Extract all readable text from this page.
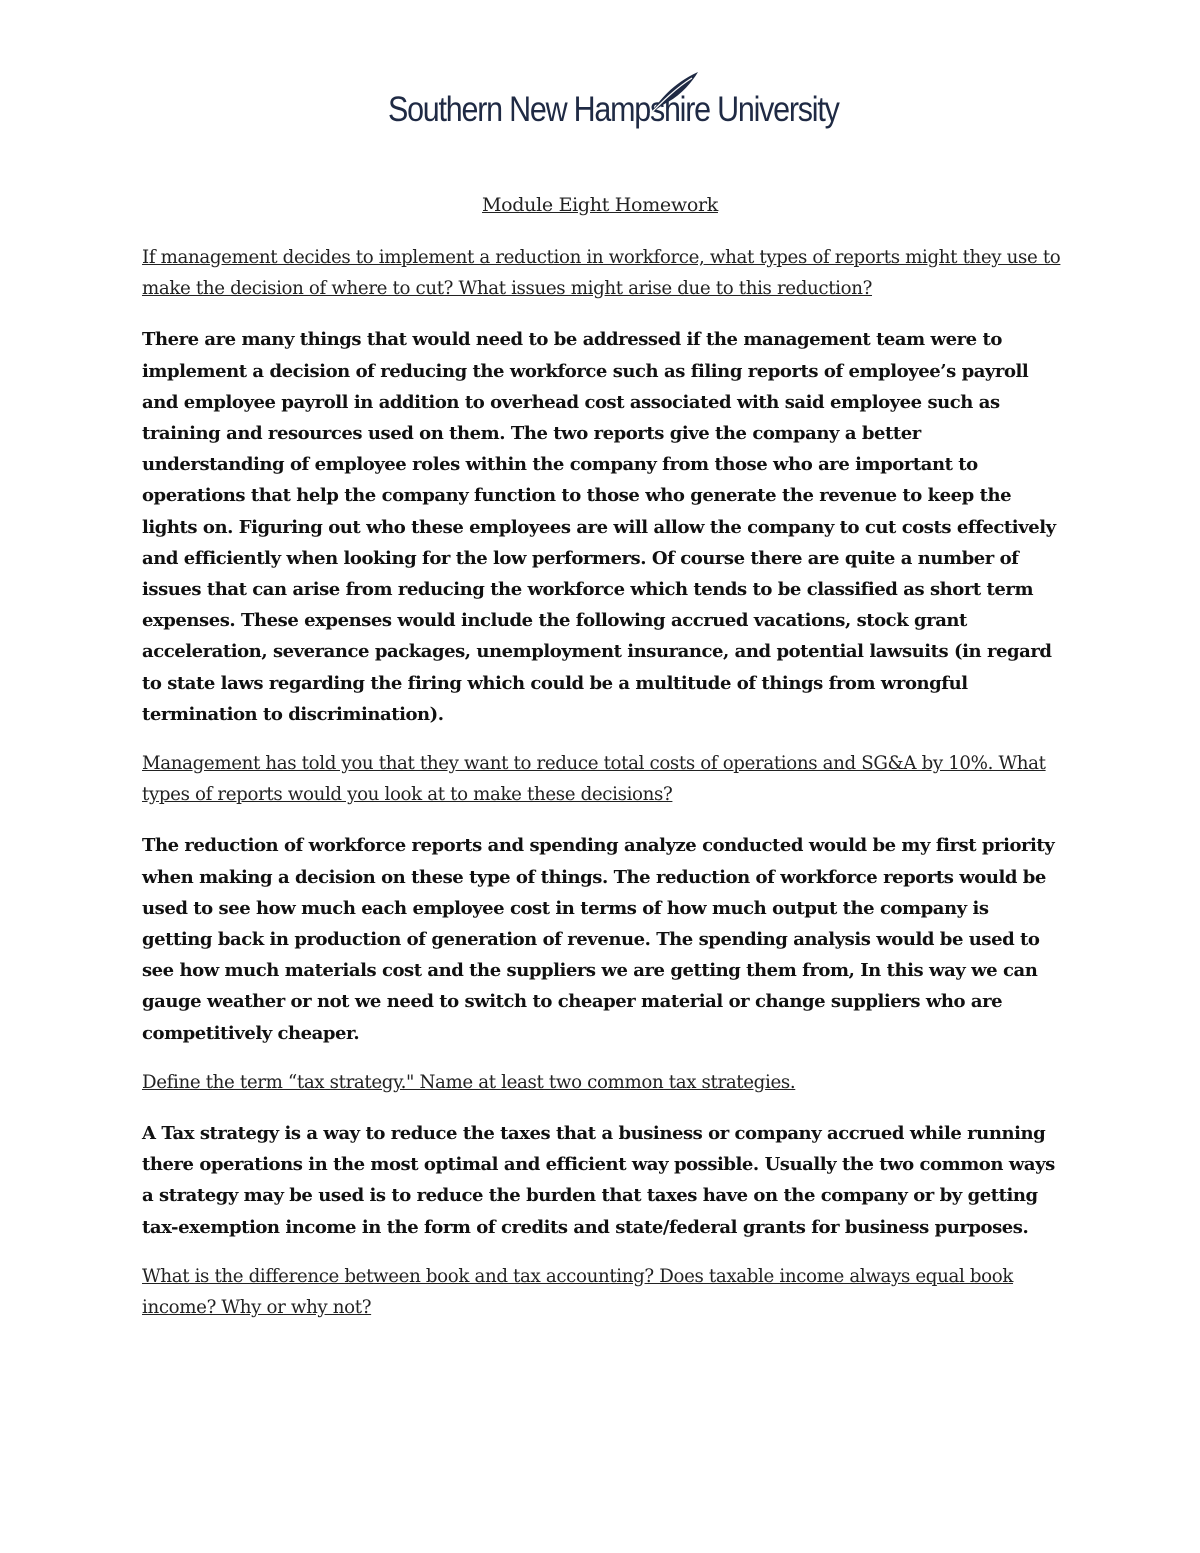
Southern New Hampshire University
Module Eight Homework

If management decides to implement a reduction in workforce, what types of reports might they use to make the decision of where to cut? What issues might arise due to this reduction?

There are many things that would need to be addressed if the management team were to implement a decision of reducing the workforce such as filing reports of employee’s payroll and employee payroll in addition to overhead cost associated with said employee such as training and resources used on them. The two reports give the company a better understanding of employee roles within the company from those who are important to operations that help the company function to those who generate the revenue to keep the lights on. Figuring out who these employees are will allow the company to cut costs effectively and efficiently when looking for the low performers. Of course there are quite a number of issues that can arise from reducing the workforce which tends to be classified as short term expenses. These expenses would include the following accrued vacations, stock grant acceleration, severance packages, unemployment insurance, and potential lawsuits (in regard to state laws regarding the firing which could be a multitude of things from wrongful termination to discrimination).

Management has told you that they want to reduce total costs of operations and SG&A by 10%. What types of reports would you look at to make these decisions?

The reduction of workforce reports and spending analyze conducted would be my first priority when making a decision on these type of things. The reduction of workforce reports would be used to see how much each employee cost in terms of how much output the company is getting back in production of generation of revenue. The spending analysis would be used to see how much materials cost and the suppliers we are getting them from, In this way we can gauge weather or not we need to switch to cheaper material or change suppliers who are competitively cheaper.

Define the term “tax strategy." Name at least two common tax strategies.

A Tax strategy is a way to reduce the taxes that a business or company accrued while running there operations in the most optimal and efficient way possible. Usually the two common ways a strategy may be used is to reduce the burden that taxes have on the company or by getting tax-exemption income in the form of credits and state/federal grants for business purposes.

What is the difference between book and tax accounting? Does taxable income always equal book income? Why or why not?
